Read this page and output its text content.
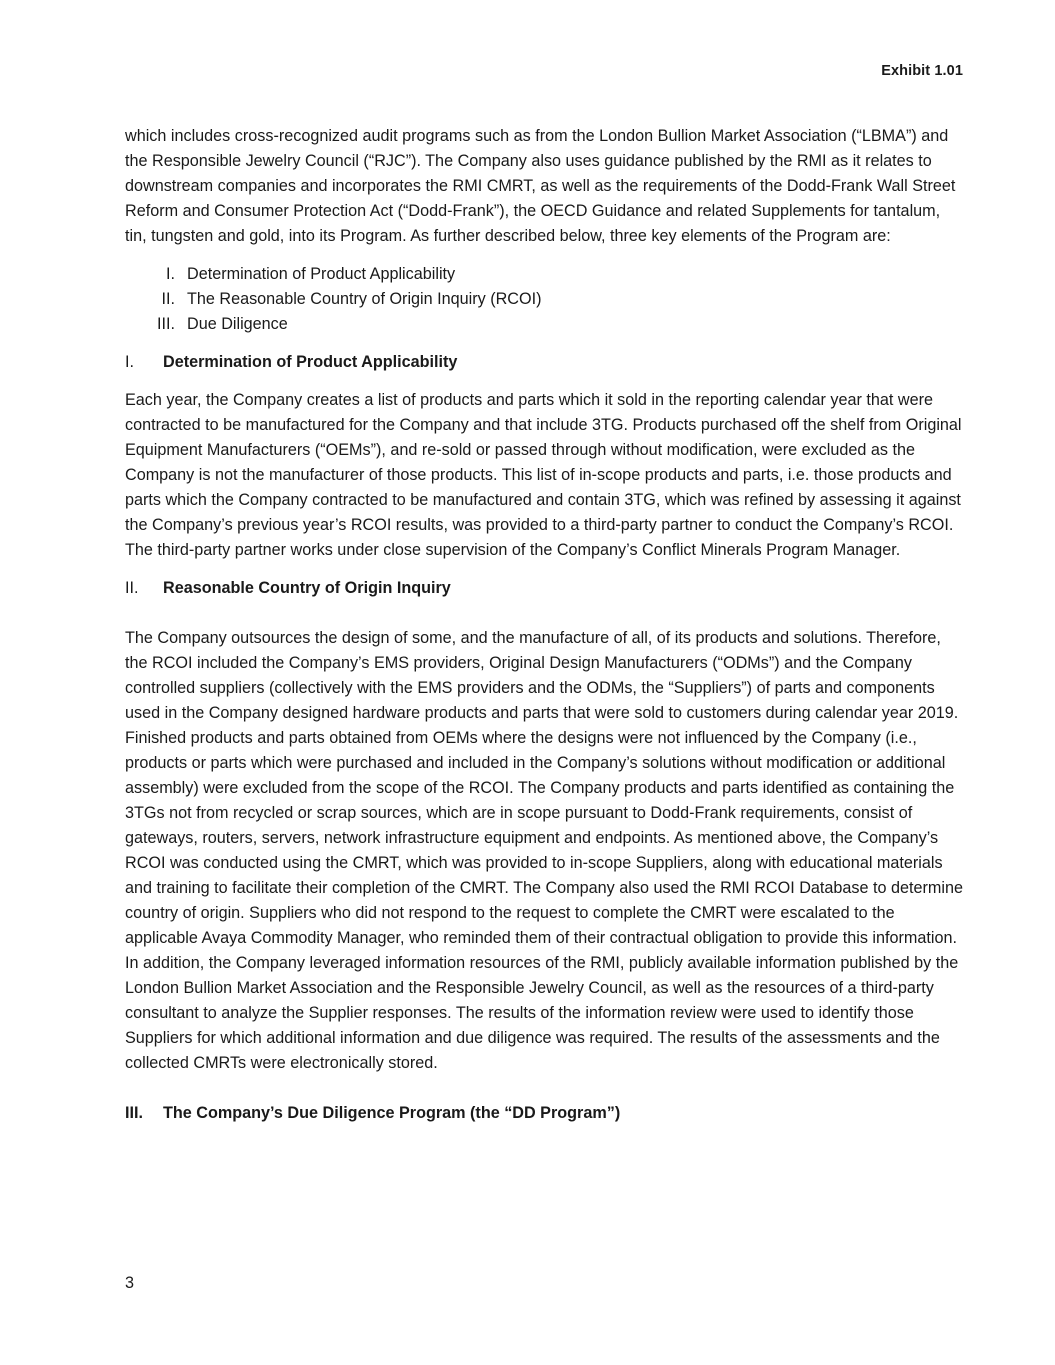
Exhibit 1.01

which includes cross-recognized audit programs such as from the London Bullion Market Association (“LBMA”) and the Responsible Jewelry Council (“RJC”). The Company also uses guidance published by the RMI as it relates to downstream companies and incorporates the RMI CMRT, as well as the requirements of the Dodd-Frank Wall Street Reform and Consumer Protection Act (“Dodd-Frank”), the OECD Guidance and related Supplements for tantalum, tin, tungsten and gold, into its Program. As further described below, three key elements of the Program are:

I. Determination of Product Applicability
II. The Reasonable Country of Origin Inquiry (RCOI)
III. Due Diligence
I. Determination of Product Applicability

Each year, the Company creates a list of products and parts which it sold in the reporting calendar year that were contracted to be manufactured for the Company and that include 3TG. Products purchased off the shelf from Original Equipment Manufacturers (“OEMs”), and re-sold or passed through without modification, were excluded as the Company is not the manufacturer of those products. This list of in-scope products and parts, i.e. those products and parts which the Company contracted to be manufactured and contain 3TG, which was refined by assessing it against the Company’s previous year’s RCOI results, was provided to a third-party partner to conduct the Company’s RCOI. The third-party partner works under close supervision of the Company’s Conflict Minerals Program Manager.

II. Reasonable Country of Origin Inquiry

The Company outsources the design of some, and the manufacture of all, of its products and solutions. Therefore, the RCOI included the Company’s EMS providers, Original Design Manufacturers (“ODMs”) and the Company controlled suppliers (collectively with the EMS providers and the ODMs, the “Suppliers”) of parts and components used in the Company designed hardware products and parts that were sold to customers during calendar year 2019. Finished products and parts obtained from OEMs where the designs were not influenced by the Company (i.e., products or parts which were purchased and included in the Company’s solutions without modification or additional assembly) were excluded from the scope of the RCOI. The Company products and parts identified as containing the 3TGs not from recycled or scrap sources, which are in scope pursuant to Dodd-Frank requirements, consist of gateways, routers, servers, network infrastructure equipment and endpoints. As mentioned above, the Company’s RCOI was conducted using the CMRT, which was provided to in-scope Suppliers, along with educational materials and training to facilitate their completion of the CMRT. The Company also used the RMI RCOI Database to determine country of origin. Suppliers who did not respond to the request to complete the CMRT were escalated to the applicable Avaya Commodity Manager, who reminded them of their contractual obligation to provide this information. In addition, the Company leveraged information resources of the RMI, publicly available information published by the London Bullion Market Association and the Responsible Jewelry Council, as well as the resources of a third-party consultant to analyze the Supplier responses. The results of the information review were used to identify those Suppliers for which additional information and due diligence was required. The results of the assessments and the collected CMRTs were electronically stored.

III. The Company’s Due Diligence Program (the “DD Program”)
3
